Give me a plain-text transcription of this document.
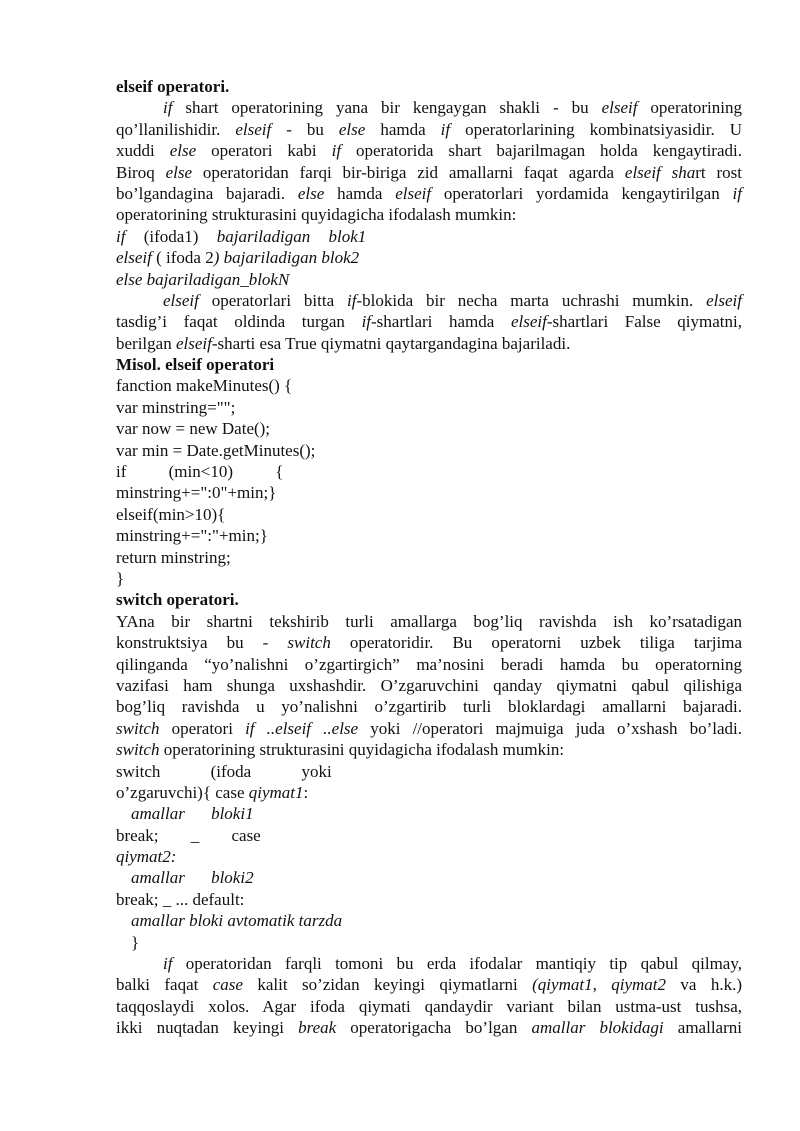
elseif operatori.
if shart operatorining yana bir kengaygan shakli - bu elseif operatorining
qo’llanilishidir. elseif - bu else hamda if operatorlarining kombinatsiyasidir. U
xuddi else operatori kabi if operatorida shart bajarilmagan holda kengaytiradi.
Biroq else operatoridan farqi bir-biriga zid amallarni faqat agarda elseif shart rost
bo’lgandagina bajaradi. else hamda elseif operatorlari yordamida kengaytirilgan if
operatorining strukturasini quyidagicha ifodalash mumkin:
if (ifoda1) bajariladigan blok1
elseif ( ifoda 2) bajariladigan blok2
else bajariladigan_blokN
elseif operatorlari bitta if-blokida bir necha marta uchrashi mumkin. elseif
tasdig’i faqat oldinda turgan if-shartlari hamda elseif-shartlari False qiymatni,
berilgan elseif-sharti esa True qiymatni qaytargandagina bajariladi.
Misol. elseif operatori
fanction makeMinutes() {
var minstring="";
var now = new Date();
var min = Date.getMinutes();
if (min<10) {
minstring+=":0"+min;}
elseif(min>10){
minstring+=":"+min;}
return minstring;
}
switch operatori.
YAna bir shartni tekshirib turli amallarga bog’liq ravishda ish ko’rsatadigan
konstruktsiya bu - switch operatoridir. Bu operatorni uzbek tiliga tarjima
qilinganda “yo’nalishni o’zgartirgich” ma’nosini beradi hamda bu operatorning
vazifasi ham shunga uxshashdir. O’zgaruvchini qanday qiymatni qabul qilishiga
bog’liq ravishda u yo’nalishni o’zgartirib turli bloklardagi amallarni bajaradi.
switch operatori if ..elseif ..else yoki //operatori majmuiga juda o’xshash bo’ladi.
switch operatorining strukturasini quyidagicha ifodalash mumkin:
switch (ifoda yoki
o’zgaruvchi){ case qiymat1:
amallar bloki1
break; _ case
qiymat2:
amallar bloki2
break; _ ... default:
amallar bloki avtomatik tarzda
}
if operatoridan farqli tomoni bu erda ifodalar mantiqiy tip qabul qilmay,
balki faqat case kalit so’zidan keyingi qiymatlarni (qiymat1, qiymat2 va h.k.)
taqqoslaydi xolos. Agar ifoda qiymati qandaydir variant bilan ustma-ust tushsa,
ikki nuqtadan keyingi break operatorigacha bo’lgan amallar blokidagi amallarni
